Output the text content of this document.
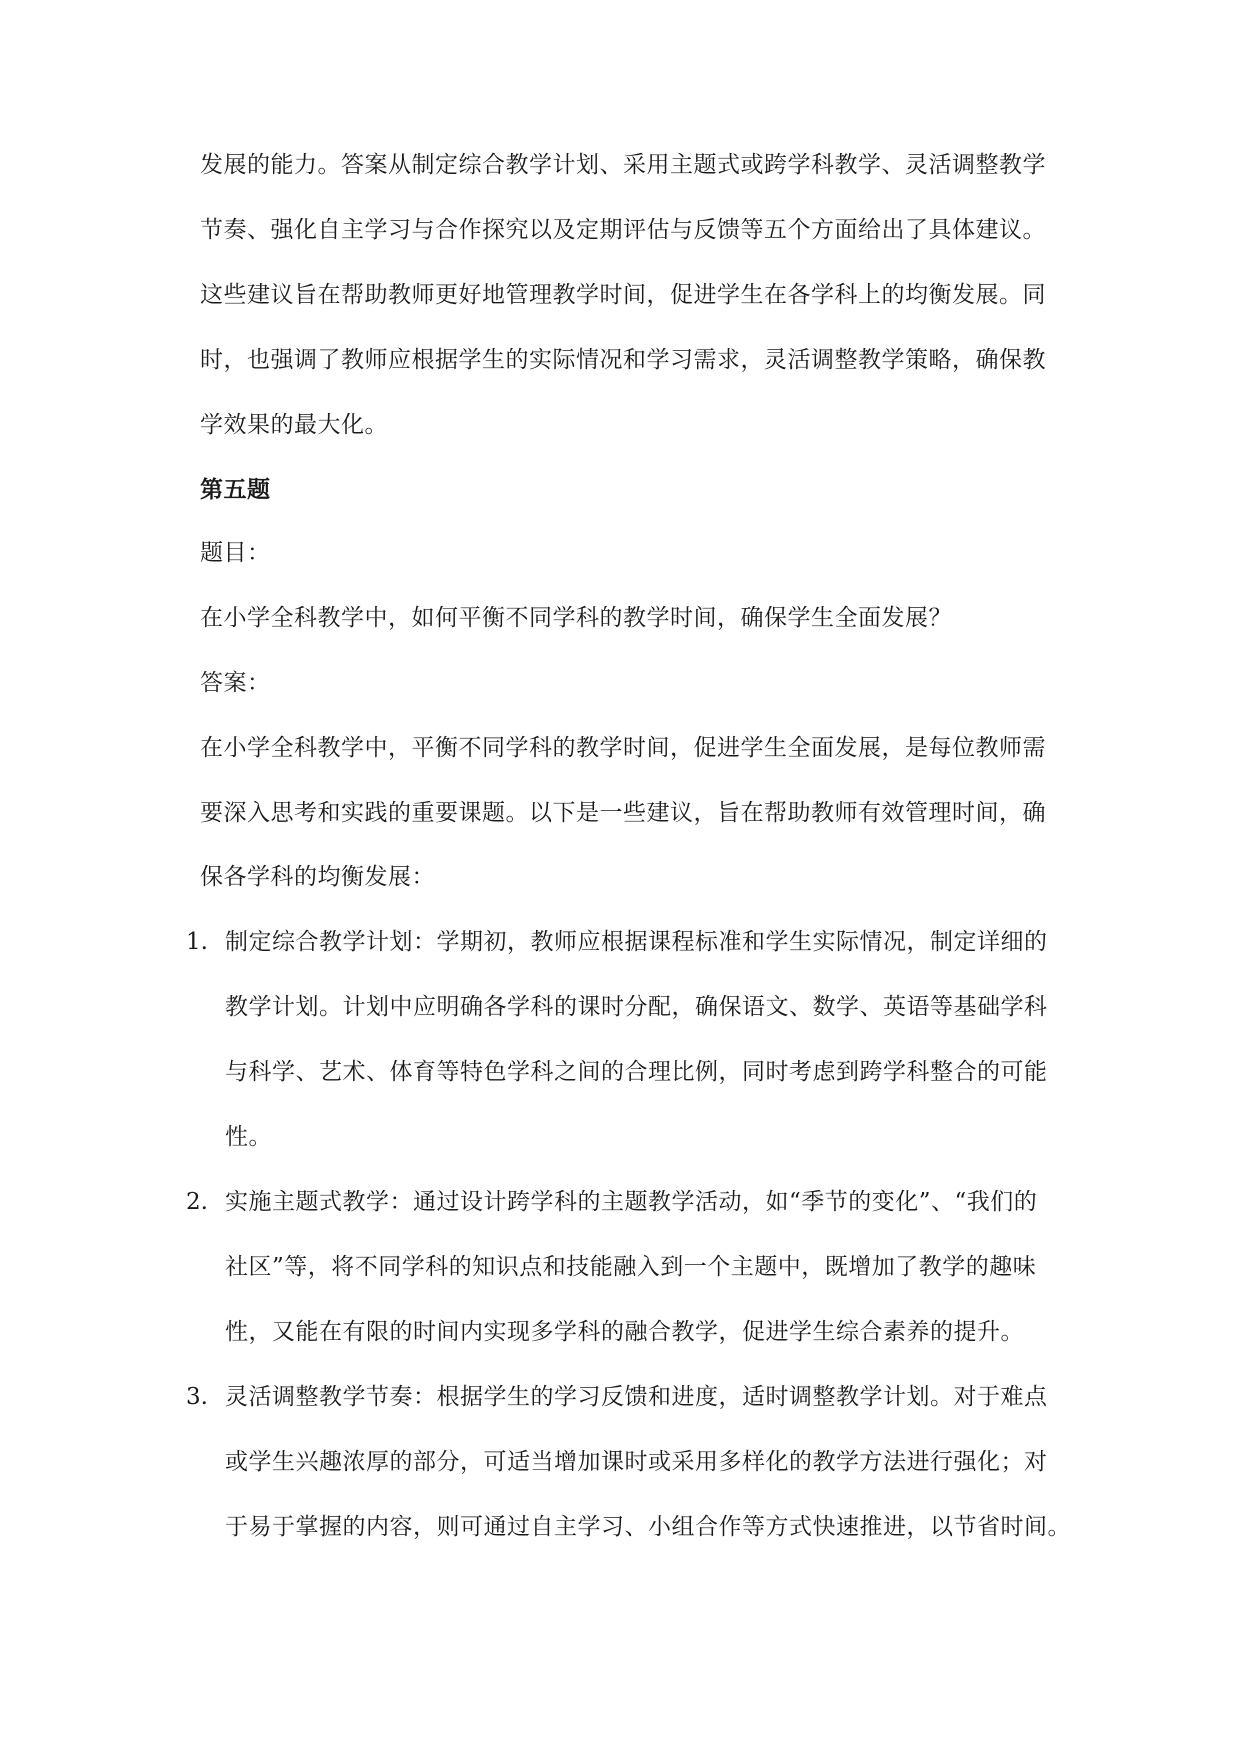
发展的能力。答案从制定综合教学计划、采用主题式或跨学科教学、灵活调整教学
节奏、强化自主学习与合作探究以及定期评估与反馈等五个方面给出了具体建议。
这些建议旨在帮助教师更好地管理教学时间，促进学生在各学科上的均衡发展。同
时，也强调了教师应根据学生的实际情况和学习需求，灵活调整教学策略，确保教
学效果的最大化。
第五题
题目：
在小学全科教学中，如何平衡不同学科的教学时间，确保学生全面发展？
答案：
在小学全科教学中，平衡不同学科的教学时间，促进学生全面发展，是每位教师需
要深入思考和实践的重要课题。以下是一些建议，旨在帮助教师有效管理时间，确
保各学科的均衡发展：
1. 制定综合教学计划：学期初，教师应根据课程标准和学生实际情况，制定详细的
教学计划。计划中应明确各学科的课时分配，确保语文、数学、英语等基础学科
与科学、艺术、体育等特色学科之间的合理比例，同时考虑到跨学科整合的可能
性。
2. 实施主题式教学：通过设计跨学科的主题教学活动，如“季节的变化”、“我们的
社区”等，将不同学科的知识点和技能融入到一个主题中，既增加了教学的趣味
性，又能在有限的时间内实现多学科的融合教学，促进学生综合素养的提升。
3. 灵活调整教学节奏：根据学生的学习反馈和进度，适时调整教学计划。对于难点
或学生兴趣浓厚的部分，可适当增加课时或采用多样化的教学方法进行强化；对
于易于掌握的内容，则可通过自主学习、小组合作等方式快速推进，以节省时间。
